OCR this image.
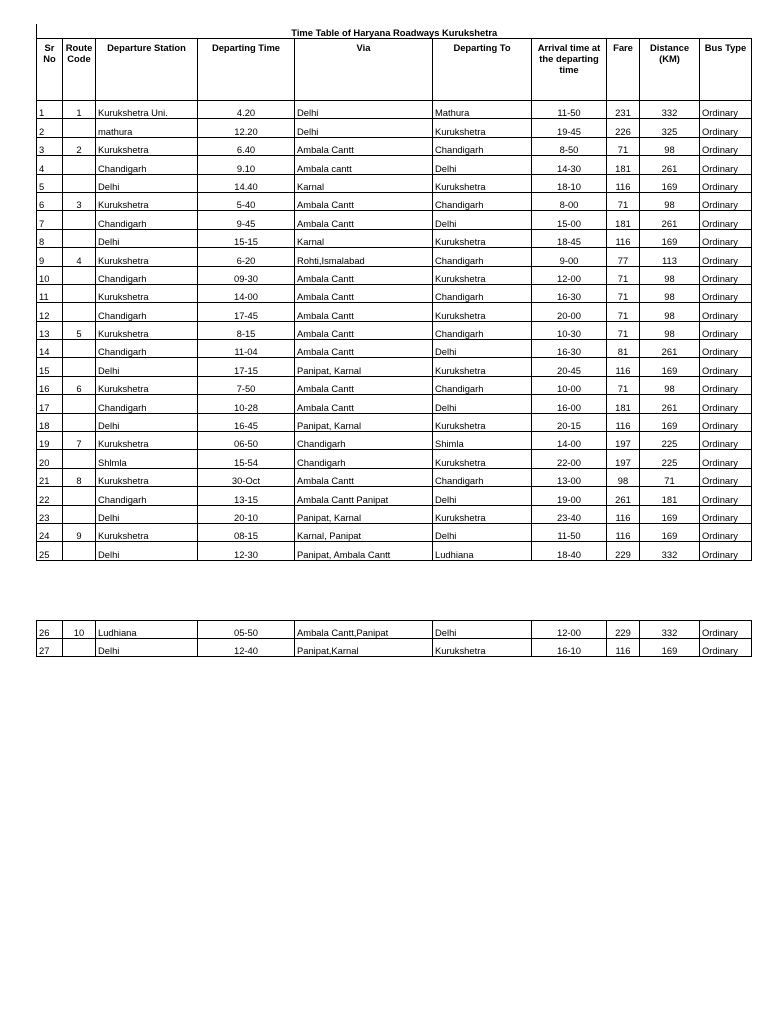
Time Table of Haryana Roadways Kurukshetra									
Sr No	Route Code	Departure Station	Departing Time	Via	Departing To	Arrival time at the departing time	Fare	Distance (KM)	Bus Type
1	1	Kurukshetra Uni.	4.20	Delhi	Mathura	11-50	231	332	Ordinary
2		mathura	12.20	Delhi	Kurukshetra	19-45	226	325	Ordinary
3	2	Kurukshetra	6.40	Ambala Cantt	Chandigarh	8-50	71	98	Ordinary
4		Chandigarh	9.10	Ambala cantt	Delhi	14-30	181	261	Ordinary
5		Delhi	14.40	Karnal	Kurukshetra	18-10	116	169	Ordinary
6	3	Kurukshetra	5-40	Ambala Cantt	Chandigarh	8-00	71	98	Ordinary
7		Chandigarh	9-45	Ambala Cantt	Delhi	15-00	181	261	Ordinary
8		Delhi	15-15	Karnal	Kurukshetra	18-45	116	169	Ordinary
9	4	Kurukshetra	6-20	Rohti,Ismalabad	Chandigarh	9-00	77	113	Ordinary
10		Chandigarh	09-30	Ambala Cantt	Kurukshetra	12-00	71	98	Ordinary
11		Kurukshetra	14-00	Ambala Cantt	Chandigarh	16-30	71	98	Ordinary
12		Chandigarh	17-45	Ambala Cantt	Kurukshetra	20-00	71	98	Ordinary
13	5	Kurukshetra	8-15	Ambala Cantt	Chandigarh	10-30	71	98	Ordinary
14		Chandigarh	11-04	Ambala Cantt	Delhi	16-30	81	261	Ordinary
15		Delhi	17-15	Panipat, Karnal	Kurukshetra	20-45	116	169	Ordinary
16	6	Kurukshetra	7-50	Ambala Cantt	Chandigarh	10-00	71	98	Ordinary
17		Chandigarh	10-28	Ambala Cantt	Delhi	16-00	181	261	Ordinary
18		Delhi	16-45	Panipat, Karnal	Kurukshetra	20-15	116	169	Ordinary
19	7	Kurukshetra	06-50	Chandigarh	Shimla	14-00	197	225	Ordinary
20		Shlmla	15-54	Chandigarh	Kurukshetra	22-00	197	225	Ordinary
21	8	Kurukshetra	30-Oct	Ambala Cantt	Chandigarh	13-00	98	71	Ordinary
22		Chandigarh	13-15	Ambala Cantt Panipat	Delhi	19-00	261	181	Ordinary
23		Delhi	20-10	Panipat, Karnal	Kurukshetra	23-40	116	169	Ordinary
24	9	Kurukshetra	08-15	Karnal, Panipat	Delhi	11-50	116	169	Ordinary
25		Delhi	12-30	Panipat, Ambala Cantt	Ludhiana	18-40	229	332	Ordinary
26	10	Ludhiana	05-50	Ambala Cantt,Panipat	Delhi	12-00	229	332	Ordinary
27		Delhi	12-40	Panipat,Karnal	Kurukshetra	16-10	116	169	Ordinary
